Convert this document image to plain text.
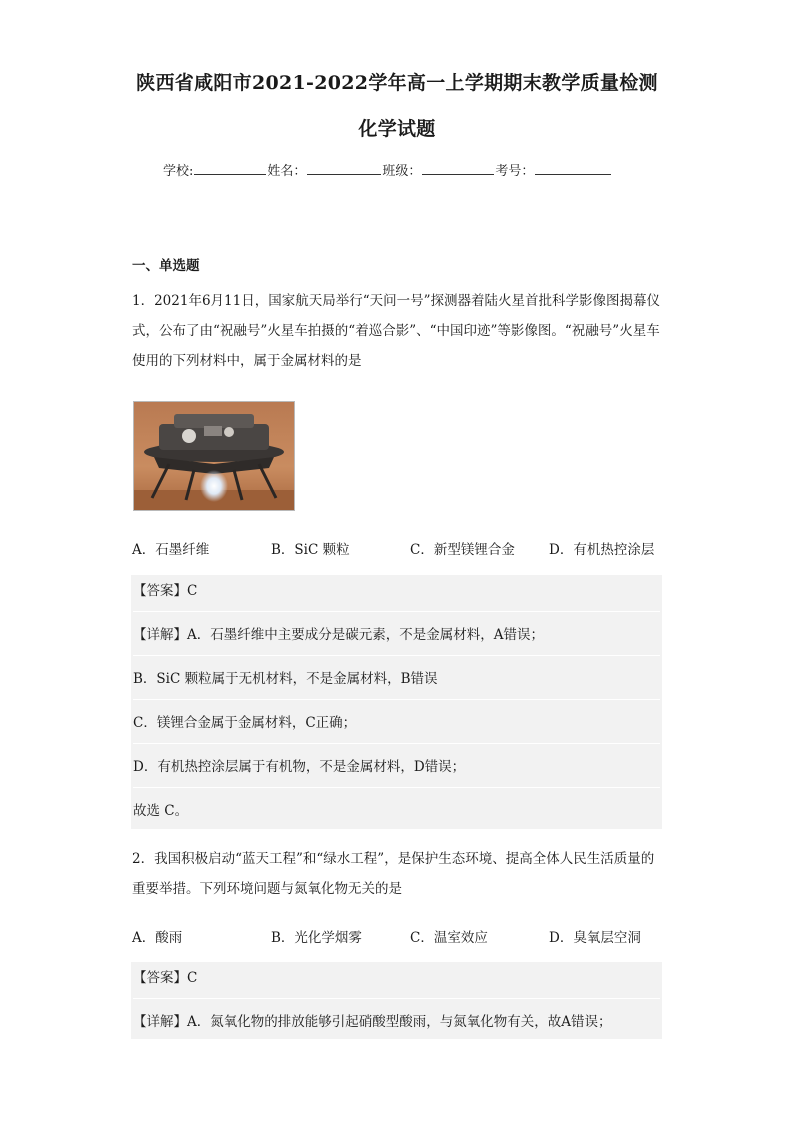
陕西省咸阳市2021-2022学年高一上学期期末教学质量检测
化学试题
学校:	姓名：	班级：	考号：
一、单选题
1．2021年6月11日，国家航天局举行“天问一号”探测器着陆火星首批科学影像图揭幕仪式，公布了由“祝融号”火星车拍摄的“着巡合影”、“中国印迹”等影像图。“祝融号”火星车使用的下列材料中，属于金属材料的是
A．石墨纤维	B．SiC 颗粒	C．新型镁锂合金	D．有机热控涂层
【答案】C
【详解】A．石墨纤维中主要成分是碳元素，不是金属材料，A错误；
B．SiC 颗粒属于无机材料，不是金属材料，B错误
C．镁锂合金属于金属材料，C正确；
D．有机热控涂层属于有机物，不是金属材料，D错误；
故选 C。
2．我国积极启动“蓝天工程”和“绿水工程”，是保护生态环境、提高全体人民生活质量的重要举措。下列环境问题与氮氧化物无关的是
A．酸雨	B．光化学烟雾	C．温室效应	D．臭氧层空洞
【答案】C
【详解】A．氮氧化物的排放能够引起硝酸型酸雨，与氮氧化物有关，故A错误；
